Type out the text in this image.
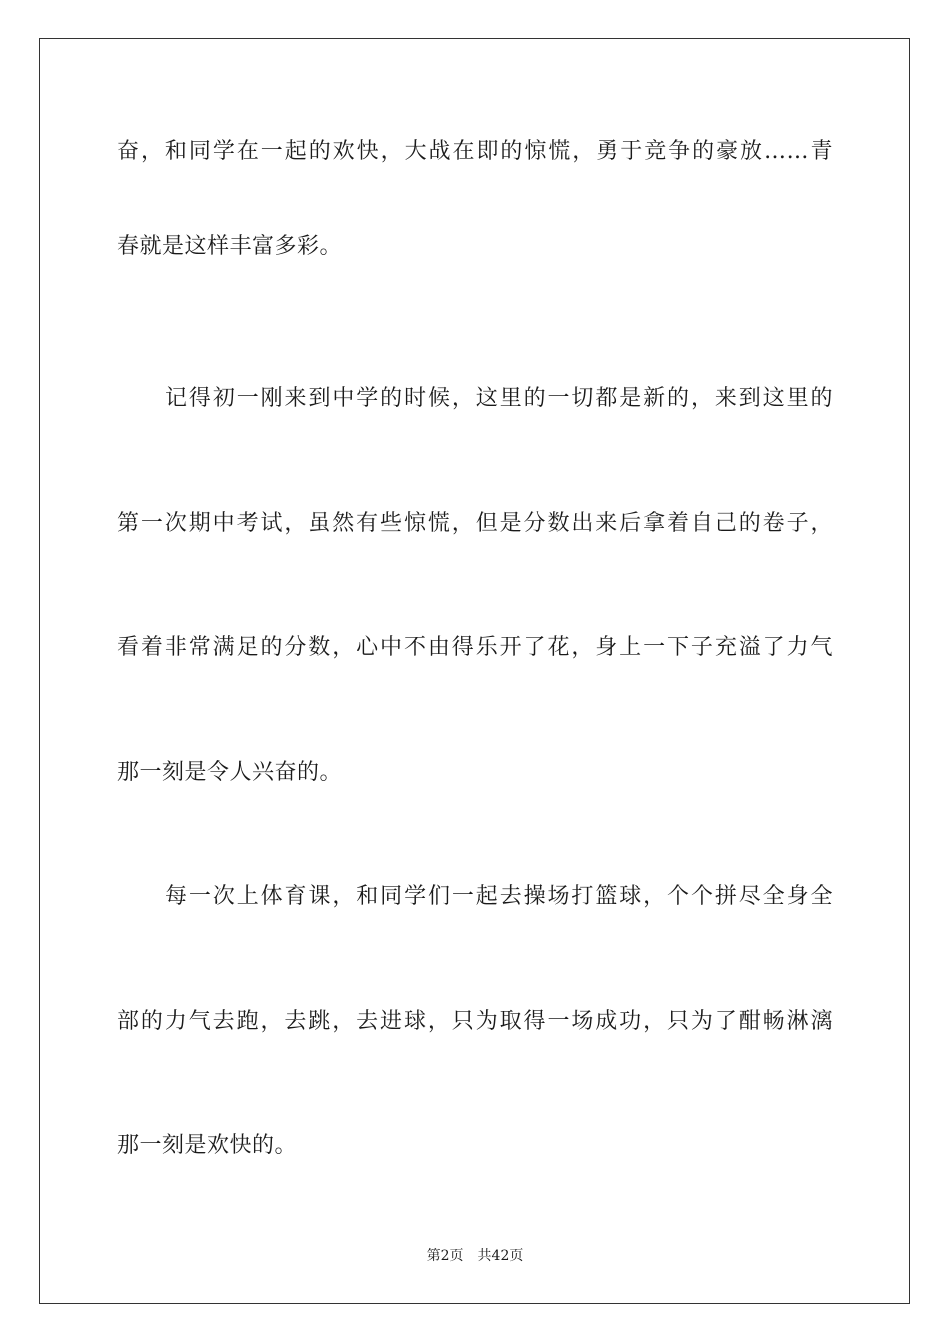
奋，和同学在一起的欢快，大战在即的惊慌，勇于竞争的豪放……青
春就是这样丰富多彩。
记得初一刚来到中学的时候，这里的一切都是新的，来到这里的
第一次期中考试，虽然有些惊慌，但是分数出来后拿着自己的卷子，
看着非常满足的分数，心中不由得乐开了花，身上一下子充溢了力气
那一刻是令人兴奋的。
每一次上体育课，和同学们一起去操场打篮球，个个拼尽全身全
部的力气去跑，去跳，去进球，只为取得一场成功，只为了酣畅淋漓
那一刻是欢快的。
第2页 共42页
